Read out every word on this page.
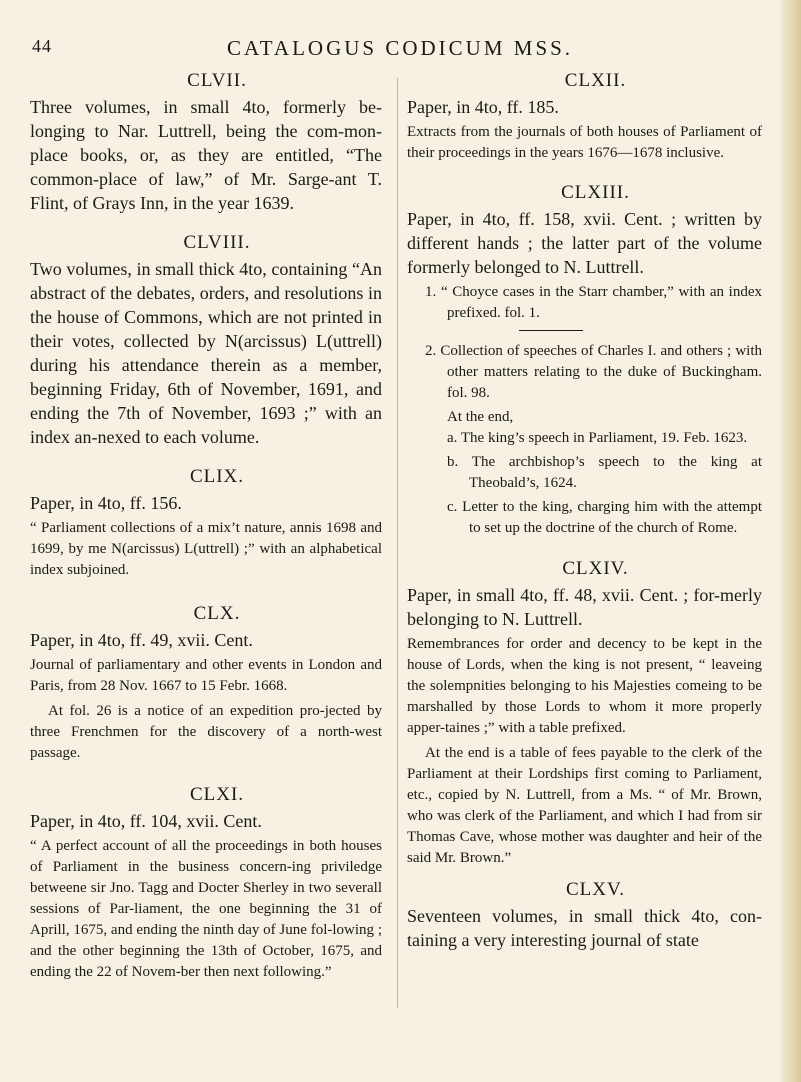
44	CATALOGUS CODICUM MSS.
CLVII.

Three volumes, in small 4to, formerly be-longing to Nar. Luttrell, being the com-mon-place books, or, as they are entitled, “The common-place of law,” of Mr. Sarge-ant T. Flint, of Grays Inn, in the year 1639.

CLVIII.

Two volumes, in small thick 4to, containing “An abstract of the debates, orders, and resolutions in the house of Commons, which are not printed in their votes, collected by N(arcissus) L(uttrell) during his attendance therein as a member, beginning Friday, 6th of November, 1691, and ending the 7th of November, 1693 ;” with an index an-nexed to each volume.

CLIX.

Paper, in 4to, ff. 156.

“ Parliament collections of a mix’t nature, annis 1698 and 1699, by me N(arcissus) L(uttrell) ;” with an alphabetical index subjoined.

CLX.

Paper, in 4to, ff. 49, xvii. Cent.

Journal of parliamentary and other events in London and Paris, from 28 Nov. 1667 to 15 Febr. 1668.

At fol. 26 is a notice of an expedition pro-jected by three Frenchmen for the discovery of a north-west passage.

CLXI.

Paper, in 4to, ff. 104, xvii. Cent.

“ A perfect account of all the proceedings in both houses of Parliament in the business concern-ing priviledge betweene sir Jno. Tagg and Docter Sherley in two severall sessions of Par-liament, the one beginning the 31 of Aprill, 1675, and ending the ninth day of June fol-lowing ; and the other beginning the 13th of October, 1675, and ending the 22 of Novem-ber then next following.”

CLXII.

Paper, in 4to, ff. 185.

Extracts from the journals of both houses of Parliament of their proceedings in the years 1676—1678 inclusive.

CLXIII.

Paper, in 4to, ff. 158, xvii. Cent. ; written by different hands ; the latter part of the volume formerly belonged to N. Luttrell.

1. “ Choyce cases in the Starr chamber,” with an index prefixed. fol. 1.

2. Collection of speeches of Charles I. and others ; with other matters relating to the duke of Buckingham. fol. 98.

At the end,

a. The king’s speech in Parliament, 19. Feb. 1623.

b. The archbishop’s speech to the king at Theobald’s, 1624.

c. Letter to the king, charging him with the attempt to set up the doctrine of the church of Rome.

CLXIV.

Paper, in small 4to, ff. 48, xvii. Cent. ; for-merly belonging to N. Luttrell.

Remembrances for order and decency to be kept in the house of Lords, when the king is not present, “ leaveing the solempnities belonging to his Majesties comeing to be marshalled by those Lords to whom it more properly apper-taines ;” with a table prefixed.

At the end is a table of fees payable to the clerk of the Parliament at their Lordships first coming to Parliament, etc., copied by N. Luttrell, from a Ms. “ of Mr. Brown, who was clerk of the Parliament, and which I had from sir Thomas Cave, whose mother was daughter and heir of the said Mr. Brown.”

CLXV.

Seventeen volumes, in small thick 4to, con-taining a very interesting journal of state
